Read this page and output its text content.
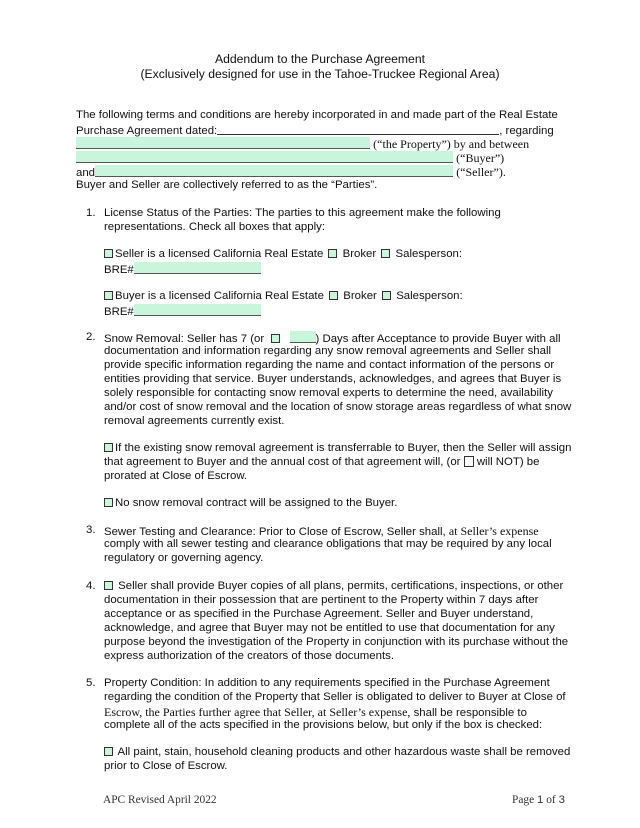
Addendum to the Purchase Agreement
(Exclusively designed for use in the Tahoe-Truckee Regional Area)
The following terms and conditions are hereby incorporated in and made part of the Real Estate
Purchase Agreement dated:	, regarding
(“the Property”) by and between
(“Buyer”)
and	(“Seller”).
Buyer and Seller are collectively referred to as the “Parties”.
1. License Status of the Parties: The parties to this agreement make the following
representations. Check all boxes that apply:
Seller is a licensed California Real Estate Broker Salesperson:
BRE#
Buyer is a licensed California Real Estate Broker Salesperson:
BRE#
2. Snow Removal: Seller has 7 (or	) Days after Acceptance to provide Buyer with all
documentation and information regarding any snow removal agreements and Seller shall
provide specific information regarding the name and contact information of the persons or
entities providing that service. Buyer understands, acknowledges, and agrees that Buyer is
solely responsible for contacting snow removal experts to determine the need, availability
and/or cost of snow removal and the location of snow storage areas regardless of what snow
removal agreements currently exist.
If the existing snow removal agreement is transferrable to Buyer, then the Seller will assign
that agreement to Buyer and the annual cost of that agreement will, (or will NOT) be
prorated at Close of Escrow.
No snow removal contract will be assigned to the Buyer.
3. Sewer Testing and Clearance: Prior to Close of Escrow, Seller shall, at Seller’s expense
comply with all sewer testing and clearance obligations that may be required by any local
regulatory or governing agency.
4.	Seller shall provide Buyer copies of all plans, permits, certifications, inspections, or other
documentation in their possession that are pertinent to the Property within 7 days after
acceptance or as specified in the Purchase Agreement. Seller and Buyer understand,
acknowledge, and agree that Buyer may not be entitled to use that documentation for any
purpose beyond the investigation of the Property in conjunction with its purchase without the
express authorization of the creators of those documents.
5. Property Condition: In addition to any requirements specified in the Purchase Agreement
regarding the condition of the Property that Seller is obligated to deliver to Buyer at Close of
Escrow, the Parties further agree that Seller, at Seller’s expense, shall be responsible to
complete all of the acts specified in the provisions below, but only if the box is checked:
All paint, stain, household cleaning products and other hazardous waste shall be removed
prior to Close of Escrow.
APC Revised April 2022	Page 1 of 3
